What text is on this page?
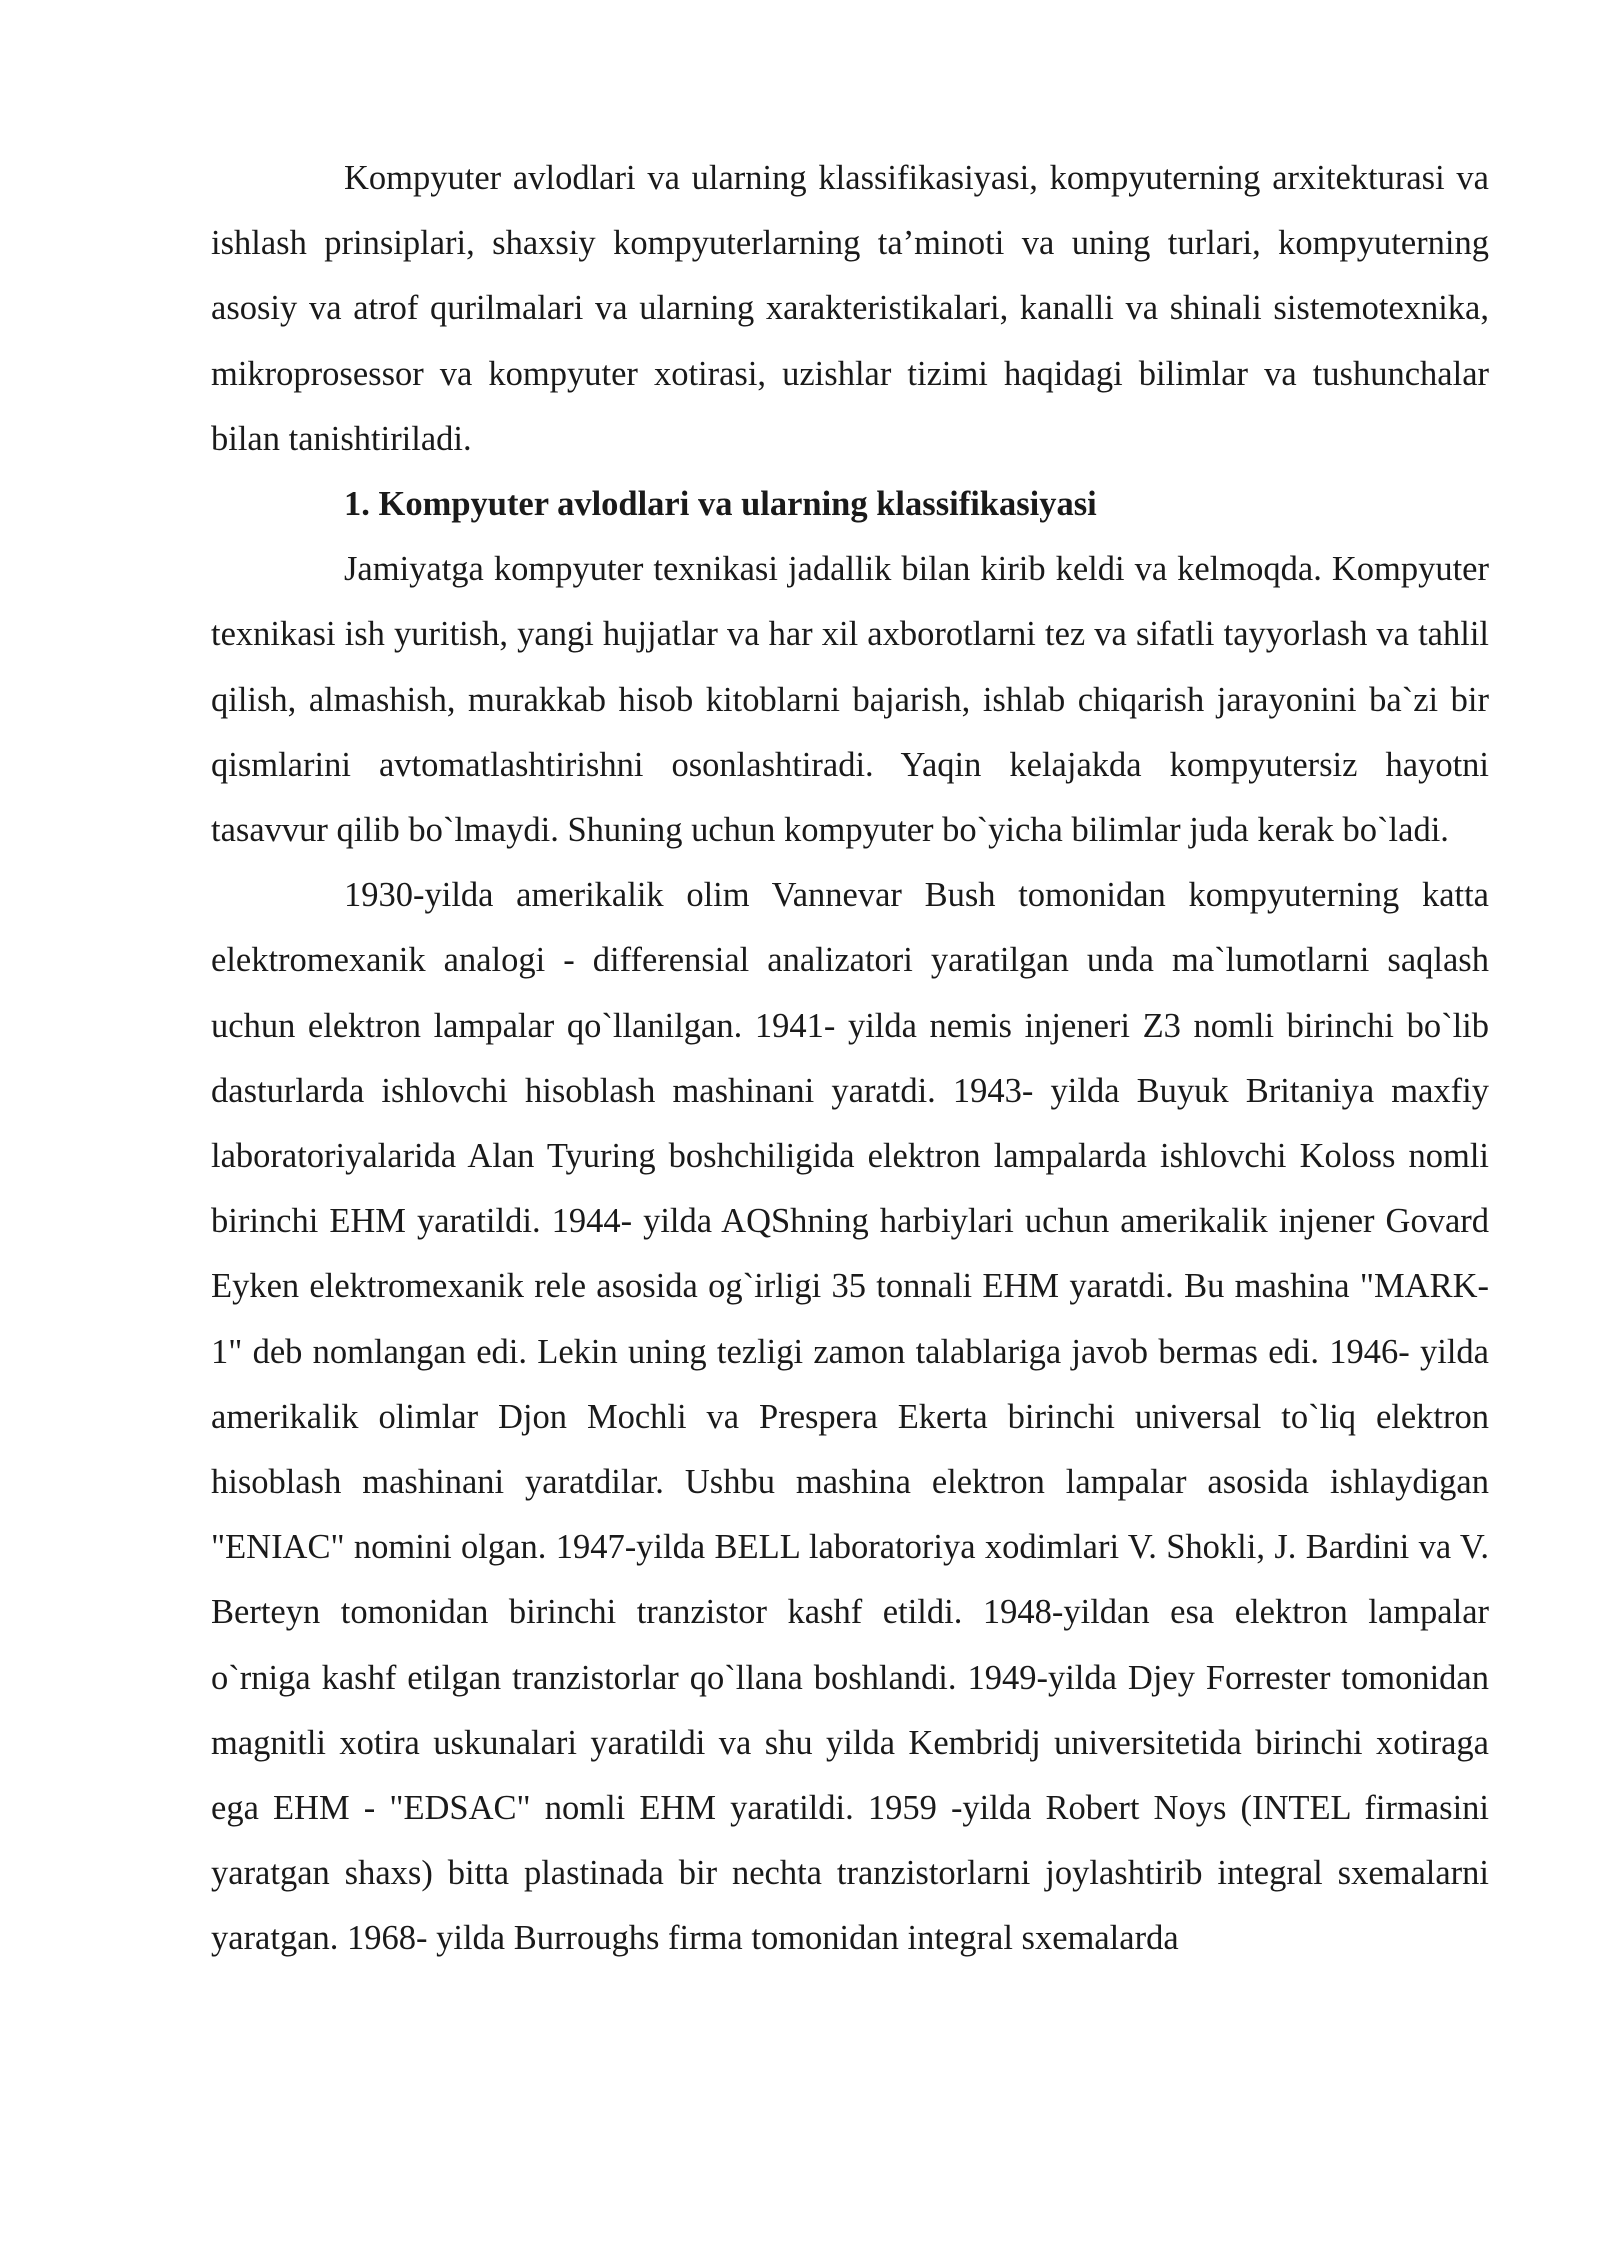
Kompyuter avlodlari va ularning klassifikasiyasi, kompyuterning arxitekturasi va ishlash prinsiplari, shaxsiy kompyuterlarning ta’minoti va uning turlari, kompyuterning asosiy va atrof qurilmalari va ularning xarakteristikalari, kanalli va shinali sistemotexnika, mikroprosessor va kompyuter xotirasi, uzishlar tizimi haqidagi bilimlar va tushunchalar bilan tanishtiriladi.

1. Kompyuter avlodlari va ularning klassifikasiyasi

Jamiyatga kompyuter texnikasi jadallik bilan kirib keldi va kelmoqda. Kompyuter texnikasi ish yuritish, yangi hujjatlar va har xil axborotlarni tez va sifatli tayyorlash va tahlil qilish, almashish, murakkab hisob kitoblarni bajarish, ishlab chiqarish jarayonini ba`zi bir qismlarini avtomatlashtirishni osonlashtiradi. Yaqin kelajakda kompyutersiz hayotni tasavvur qilib bo`lmaydi. Shuning uchun kompyuter bo`yicha bilimlar juda kerak bo`ladi.

1930-yilda amerikalik olim Vannevar Bush tomonidan kompyuterning katta elektromexanik analogi - differensial analizatori yaratilgan unda ma`lumotlarni saqlash uchun elektron lampalar qo`llanilgan. 1941- yilda nemis injeneri Z3 nomli birinchi bo`lib dasturlarda ishlovchi hisoblash mashinani yaratdi. 1943- yilda Buyuk Britaniya maxfiy laboratoriyalarida Alan Tyuring boshchiligida elektron lampalarda ishlovchi Koloss nomli birinchi EHM yaratildi. 1944- yilda AQShning harbiylari uchun amerikalik injener Govard Eyken elektromexanik rele asosida og`irligi 35 tonnali EHM yaratdi. Bu mashina "MARK-1" deb nomlangan edi. Lekin uning tezligi zamon talablariga javob bermas edi. 1946- yilda amerikalik olimlar Djon Mochli va Prespera Ekerta birinchi universal to`liq elektron hisoblash mashinani yaratdilar. Ushbu mashina elektron lampalar asosida ishlaydigan "ENIAC" nomini olgan. 1947-yilda BELL laboratoriya xodimlari V. Shokli, J. Bardini va V. Berteyn tomonidan birinchi tranzistor kashf etildi. 1948-yildan esa elektron lampalar o`rniga kashf etilgan tranzistorlar qo`llana boshlandi. 1949-yilda Djey Forrester tomonidan magnitli xotira uskunalari yaratildi va shu yilda Kembridj universitetida birinchi xotiraga ega EHM - "EDSAC" nomli EHM yaratildi. 1959 -yilda Robert Noys (INTEL firmasini yaratgan shaxs) bitta plastinada bir nechta tranzistorlarni joylashtirib integral sxemalarni yaratgan. 1968- yilda Burroughs firma tomonidan integral sxemalarda
